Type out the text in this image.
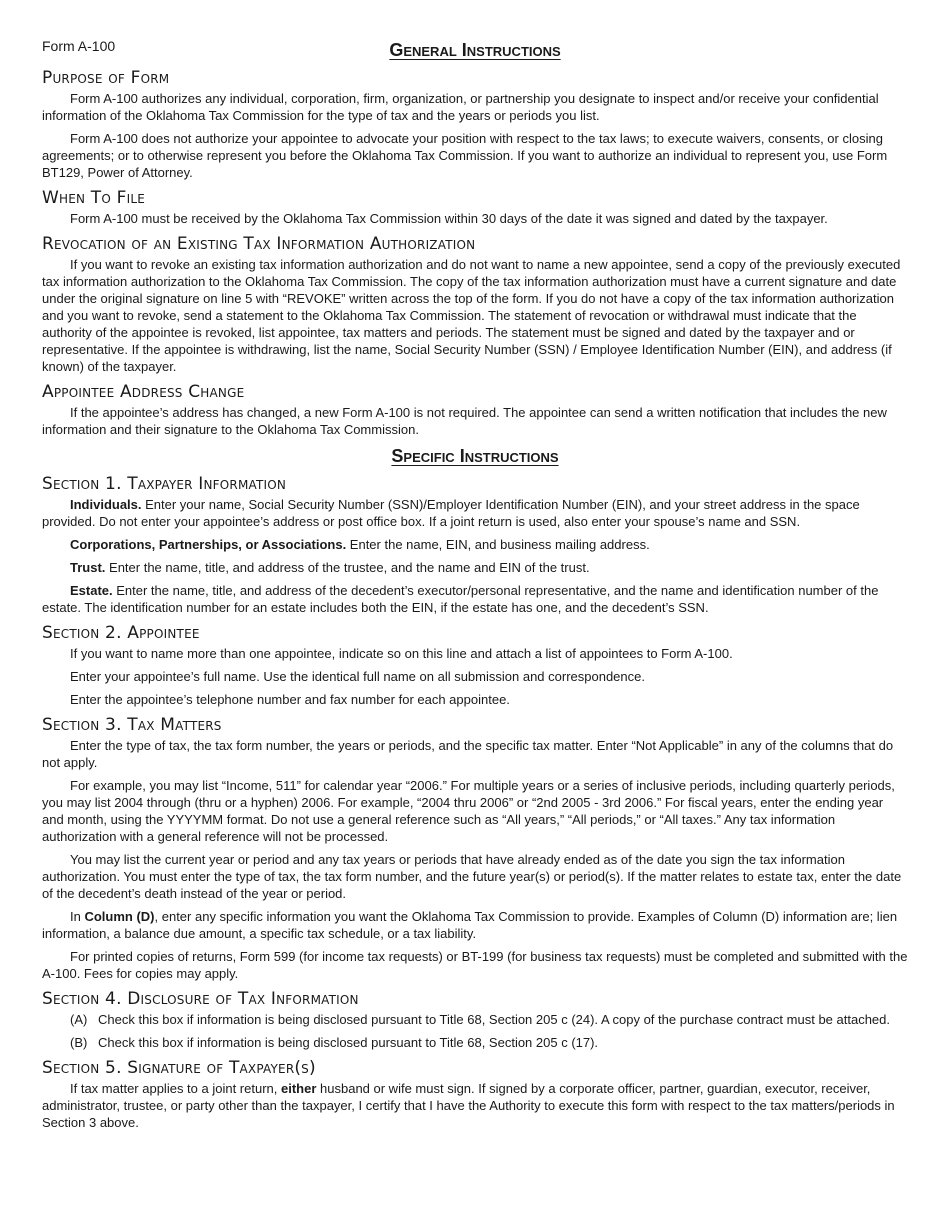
Form A-100	General Instructions
Purpose of Form

Form A-100 authorizes any individual, corporation, firm, organization, or partnership you designate to inspect and/or receive your confidential information of the Oklahoma Tax Commission for the type of tax and the years or periods you list.

Form A-100 does not authorize your appointee to advocate your position with respect to the tax laws; to execute waivers, consents, or closing agreements; or to otherwise represent you before the Oklahoma Tax Commission. If you want to authorize an individual to represent you, use Form BT129, Power of Attorney.

When To File

Form A-100 must be received by the Oklahoma Tax Commission within 30 days of the date it was signed and dated by the taxpayer.

Revocation of an Existing Tax Information Authorization

If you want to revoke an existing tax information authorization and do not want to name a new appointee, send a copy of the previously executed tax information authorization to the Oklahoma Tax Commission. The copy of the tax information authorization must have a current signature and date under the original signature on line 5 with “REVOKE” written across the top of the form. If you do not have a copy of the tax information authorization and you want to revoke, send a statement to the Oklahoma Tax Commission. The statement of revocation or withdrawal must indicate that the authority of the appointee is revoked, list appointee, tax matters and periods. The statement must be signed and dated by the taxpayer and or representative. If the appointee is withdrawing, list the name, Social Security Number (SSN) / Employee Identification Number (EIN), and address (if known) of the taxpayer.

Appointee Address Change

If the appointee’s address has changed, a new Form A-100 is not required. The appointee can send a written notification that includes the new information and their signature to the Oklahoma Tax Commission.

Specific Instructions
Section 1. Taxpayer Information

Individuals. Enter your name, Social Security Number (SSN)/Employer Identification Number (EIN), and your street address in the space provided. Do not enter your appointee’s address or post office box. If a joint return is used, also enter your spouse’s name and SSN.

Corporations, Partnerships, or Associations. Enter the name, EIN, and business mailing address.

Trust. Enter the name, title, and address of the trustee, and the name and EIN of the trust.

Estate. Enter the name, title, and address of the decedent’s executor/personal representative, and the name and identification number of the estate. The identification number for an estate includes both the EIN, if the estate has one, and the decedent’s SSN.

Section 2. Appointee

If you want to name more than one appointee, indicate so on this line and attach a list of appointees to Form A-100.

Enter your appointee’s full name. Use the identical full name on all submission and correspondence.

Enter the appointee’s telephone number and fax number for each appointee.

Section 3. Tax Matters

Enter the type of tax, the tax form number, the years or periods, and the specific tax matter. Enter “Not Applicable” in any of the columns that do not apply.

For example, you may list “Income, 511” for calendar year “2006.” For multiple years or a series of inclusive periods, including quarterly periods, you may list 2004 through (thru or a hyphen) 2006. For example, “2004 thru 2006” or “2nd 2005 - 3rd 2006.” For fiscal years, enter the ending year and month, using the YYYYMM format. Do not use a general reference such as “All years,” “All periods,” or “All taxes.” Any tax information authorization with a general reference will not be processed.

You may list the current year or period and any tax years or periods that have already ended as of the date you sign the tax information authorization. You must enter the type of tax, the tax form number, and the future year(s) or period(s). If the matter relates to estate tax, enter the date of the decedent’s death instead of the year or period.

In Column (D), enter any specific information you want the Oklahoma Tax Commission to provide. Examples of Column (D) information are; lien information, a balance due amount, a specific tax schedule, or a tax liability.

For printed copies of returns, Form 599 (for income tax requests) or BT-199 (for business tax requests) must be completed and submitted with the A-100. Fees for copies may apply.

Section 4. Disclosure of Tax Information
(A) Check this box if information is being disclosed pursuant to Title 68, Section 205 c (24). A copy of the purchase contract must be attached.
(B) Check this box if information is being disclosed pursuant to Title 68, Section 205 c (17).
Section 5. Signature of Taxpayer(s)

If tax matter applies to a joint return, either husband or wife must sign. If signed by a corporate officer, partner, guardian, executor, receiver, administrator, trustee, or party other than the taxpayer, I certify that I have the Authority to execute this form with respect to the tax matters/periods in Section 3 above.
